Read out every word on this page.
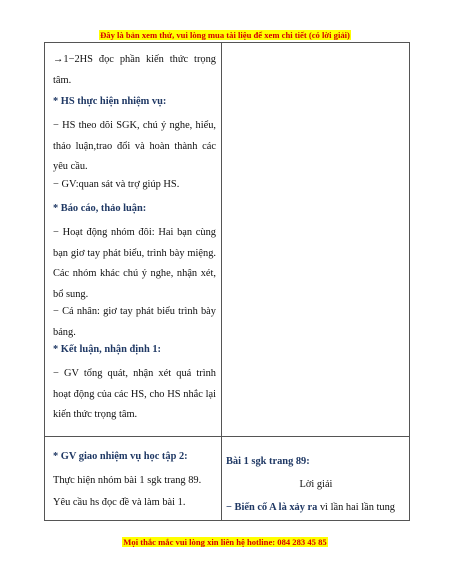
Đây là bản xem thử, vui lòng mua tài liệu để xem chi tiết (có lời giải)
→1−2HS đọc phần kiến thức trọng tâm.
* HS thực hiện nhiệm vụ:
− HS theo dõi SGK, chú ý nghe, hiểu, thảo luận,trao đổi và hoàn thành các yêu cầu.
− GV:quan sát và trợ giúp HS.
* Báo cáo, thảo luận:
− Hoạt động nhóm đôi: Hai bạn cùng bạn giơ tay phát biểu, trình bày miệng. Các nhóm khác chú ý nghe, nhận xét, bổ sung.
− Cá nhân: giơ tay phát biểu trình bày bảng.
* Kết luận, nhận định 1:
− GV tổng quát, nhận xét quá trình hoạt động của các HS, cho HS nhắc lại kiến thức trọng tâm.
* GV giao nhiệm vụ học tập 2:
Thực hiện nhóm bài 1 sgk trang 89.
Yêu cầu hs đọc đề và làm bài 1.
Bài 1 sgk trang 89:
Lời giải
− Biến cố A là xảy ra vì lần hai lần tung
Mọi thắc mắc vui lòng xin liên hệ hotline: 084 283 45 85
